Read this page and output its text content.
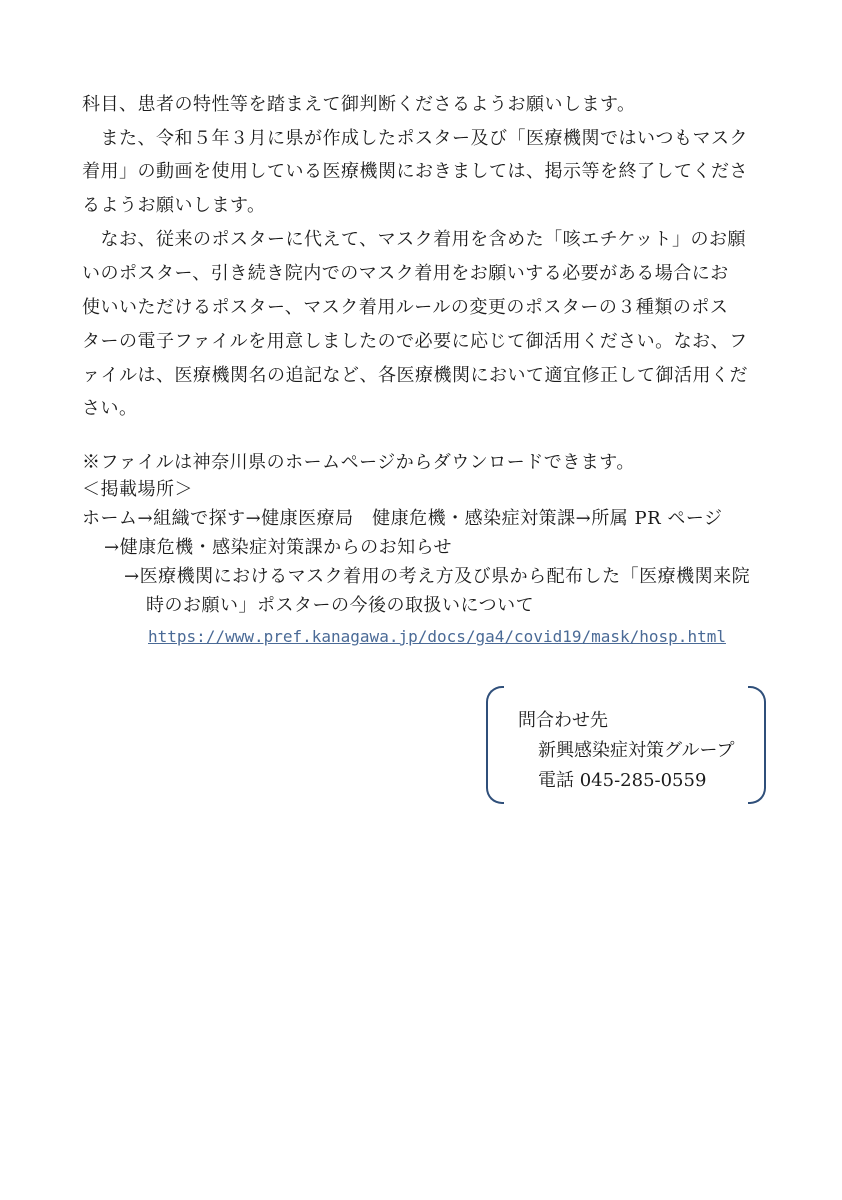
科目、患者の特性等を踏まえて御判断くださるようお願いします。
　また、令和５年３月に県が作成したポスター及び「医療機関ではいつもマスク
着用」の動画を使用している医療機関におきましては、掲示等を終了してくださ
るようお願いします。
　なお、従来のポスターに代えて、マスク着用を含めた「咳エチケット」のお願
いのポスター、引き続き院内でのマスク着用をお願いする必要がある場合にお
使いいただけるポスター、マスク着用ルールの変更のポスターの３種類のポス
ターの電子ファイルを用意しましたので必要に応じて御活用ください。なお、フ
ァイルは、医療機関名の追記など、各医療機関において適宜修正して御活用くだ
さい。
※ファイルは神奈川県のホームページからダウンロードできます。
＜掲載場所＞
ホーム→組織で探す→健康医療局　健康危機・感染症対策課→所属 PR ページ
→健康危機・感染症対策課からのお知らせ
→医療機関におけるマスク着用の考え方及び県から配布した「医療機関来院
時のお願い」ポスターの今後の取扱いについて
https://www.pref.kanagawa.jp/docs/ga4/covid19/mask/hosp.html
問合わせ先
新興感染症対策グループ
電話 045-285-0559
